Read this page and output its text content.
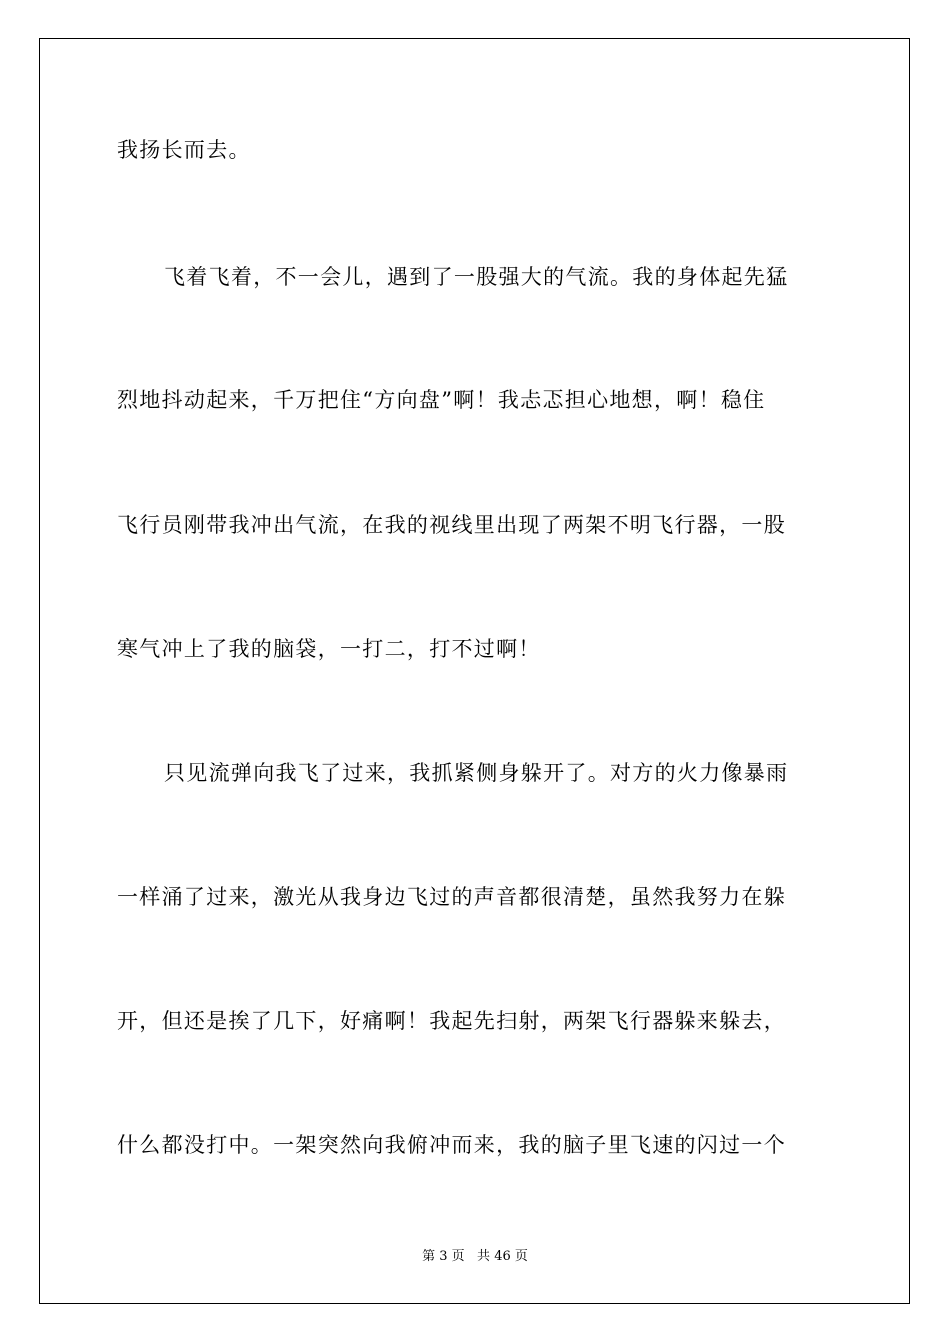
我扬长而去。
飞着飞着，不一会儿，遇到了一股强大的气流。我的身体起先猛
烈地抖动起来，千万把住“方向盘”啊！我忐忑担心地想，啊！稳住
飞行员刚带我冲出气流，在我的视线里出现了两架不明飞行器，一股
寒气冲上了我的脑袋，一打二，打不过啊！
只见流弹向我飞了过来，我抓紧侧身躲开了。对方的火力像暴雨
一样涌了过来，激光从我身边飞过的声音都很清楚，虽然我努力在躲
开，但还是挨了几下，好痛啊！我起先扫射，两架飞行器躲来躲去，
什么都没打中。一架突然向我俯冲而来，我的脑子里飞速的闪过一个
第 3 页   共 46 页
